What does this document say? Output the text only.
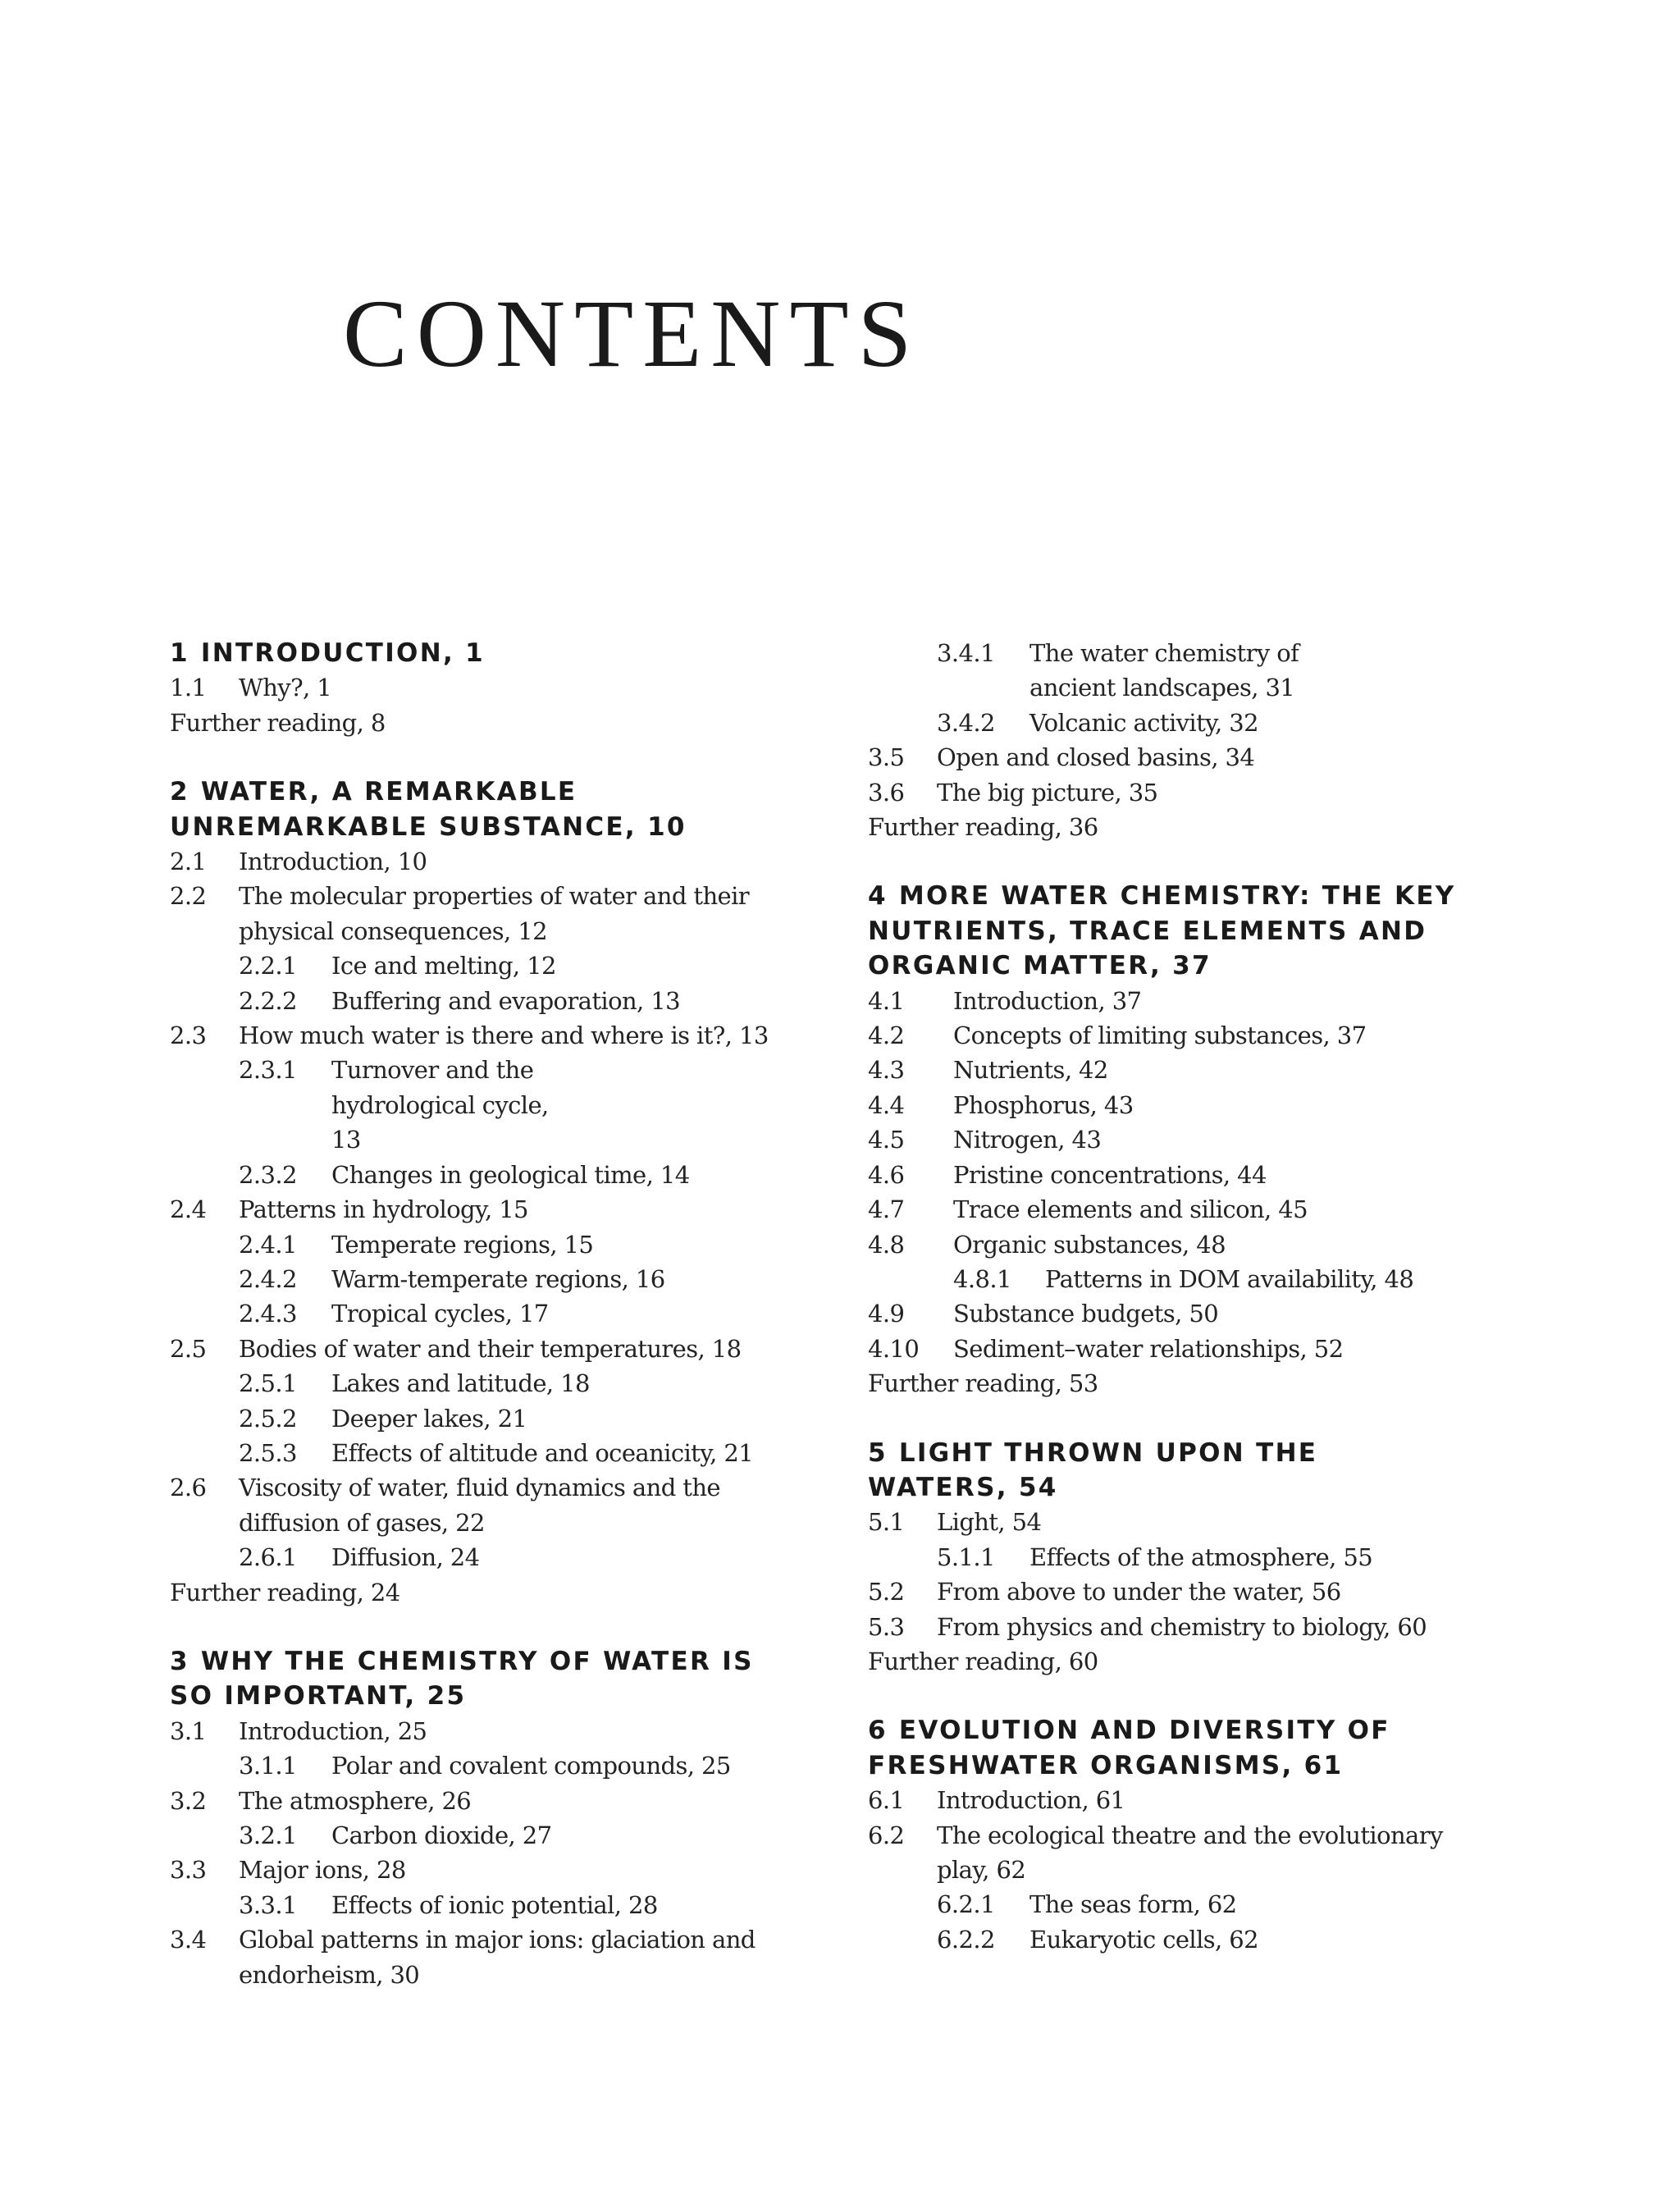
CONTENTS
1 INTRODUCTION, 1
1.1 Why?, 1
Further reading, 8
2 WATER, A REMARKABLE
UNREMARKABLE SUBSTANCE, 10
2.1 Introduction, 10
2.2 The molecular properties of water and their physical consequences, 12
2.2.1 Ice and melting, 12
2.2.2 Buffering and evaporation, 13
2.3 How much water is there and where is it?, 13
2.3.1 Turnover and the hydrological cycle, 13
2.3.2 Changes in geological time, 14
2.4 Patterns in hydrology, 15
2.4.1 Temperate regions, 15
2.4.2 Warm-temperate regions, 16
2.4.3 Tropical cycles, 17
2.5 Bodies of water and their temperatures, 18
2.5.1 Lakes and latitude, 18
2.5.2 Deeper lakes, 21
2.5.3 Effects of altitude and oceanicity, 21
2.6 Viscosity of water, fluid dynamics and the diffusion of gases, 22
2.6.1 Diffusion, 24
Further reading, 24
3 WHY THE CHEMISTRY OF WATER IS
SO IMPORTANT, 25
3.1 Introduction, 25
3.1.1 Polar and covalent compounds, 25
3.2 The atmosphere, 26
3.2.1 Carbon dioxide, 27
3.3 Major ions, 28
3.3.1 Effects of ionic potential, 28
3.4 Global patterns in major ions: glaciation and endorheism, 30
3.4.1 The water chemistry of ancient landscapes, 31
3.4.2 Volcanic activity, 32
3.5 Open and closed basins, 34
3.6 The big picture, 35
Further reading, 36
4 MORE WATER CHEMISTRY: THE KEY
NUTRIENTS, TRACE ELEMENTS AND
ORGANIC MATTER, 37
4.1 Introduction, 37
4.2 Concepts of limiting substances, 37
4.3 Nutrients, 42
4.4 Phosphorus, 43
4.5 Nitrogen, 43
4.6 Pristine concentrations, 44
4.7 Trace elements and silicon, 45
4.8 Organic substances, 48
4.8.1 Patterns in DOM availability, 48
4.9 Substance budgets, 50
4.10 Sediment–water relationships, 52
Further reading, 53
5 LIGHT THROWN UPON THE
WATERS, 54
5.1 Light, 54
5.1.1 Effects of the atmosphere, 55
5.2 From above to under the water, 56
5.3 From physics and chemistry to biology, 60
Further reading, 60
6 EVOLUTION AND DIVERSITY OF
FRESHWATER ORGANISMS, 61
6.1 Introduction, 61
6.2 The ecological theatre and the evolutionary play, 62
6.2.1 The seas form, 62
6.2.2 Eukaryotic cells, 62
